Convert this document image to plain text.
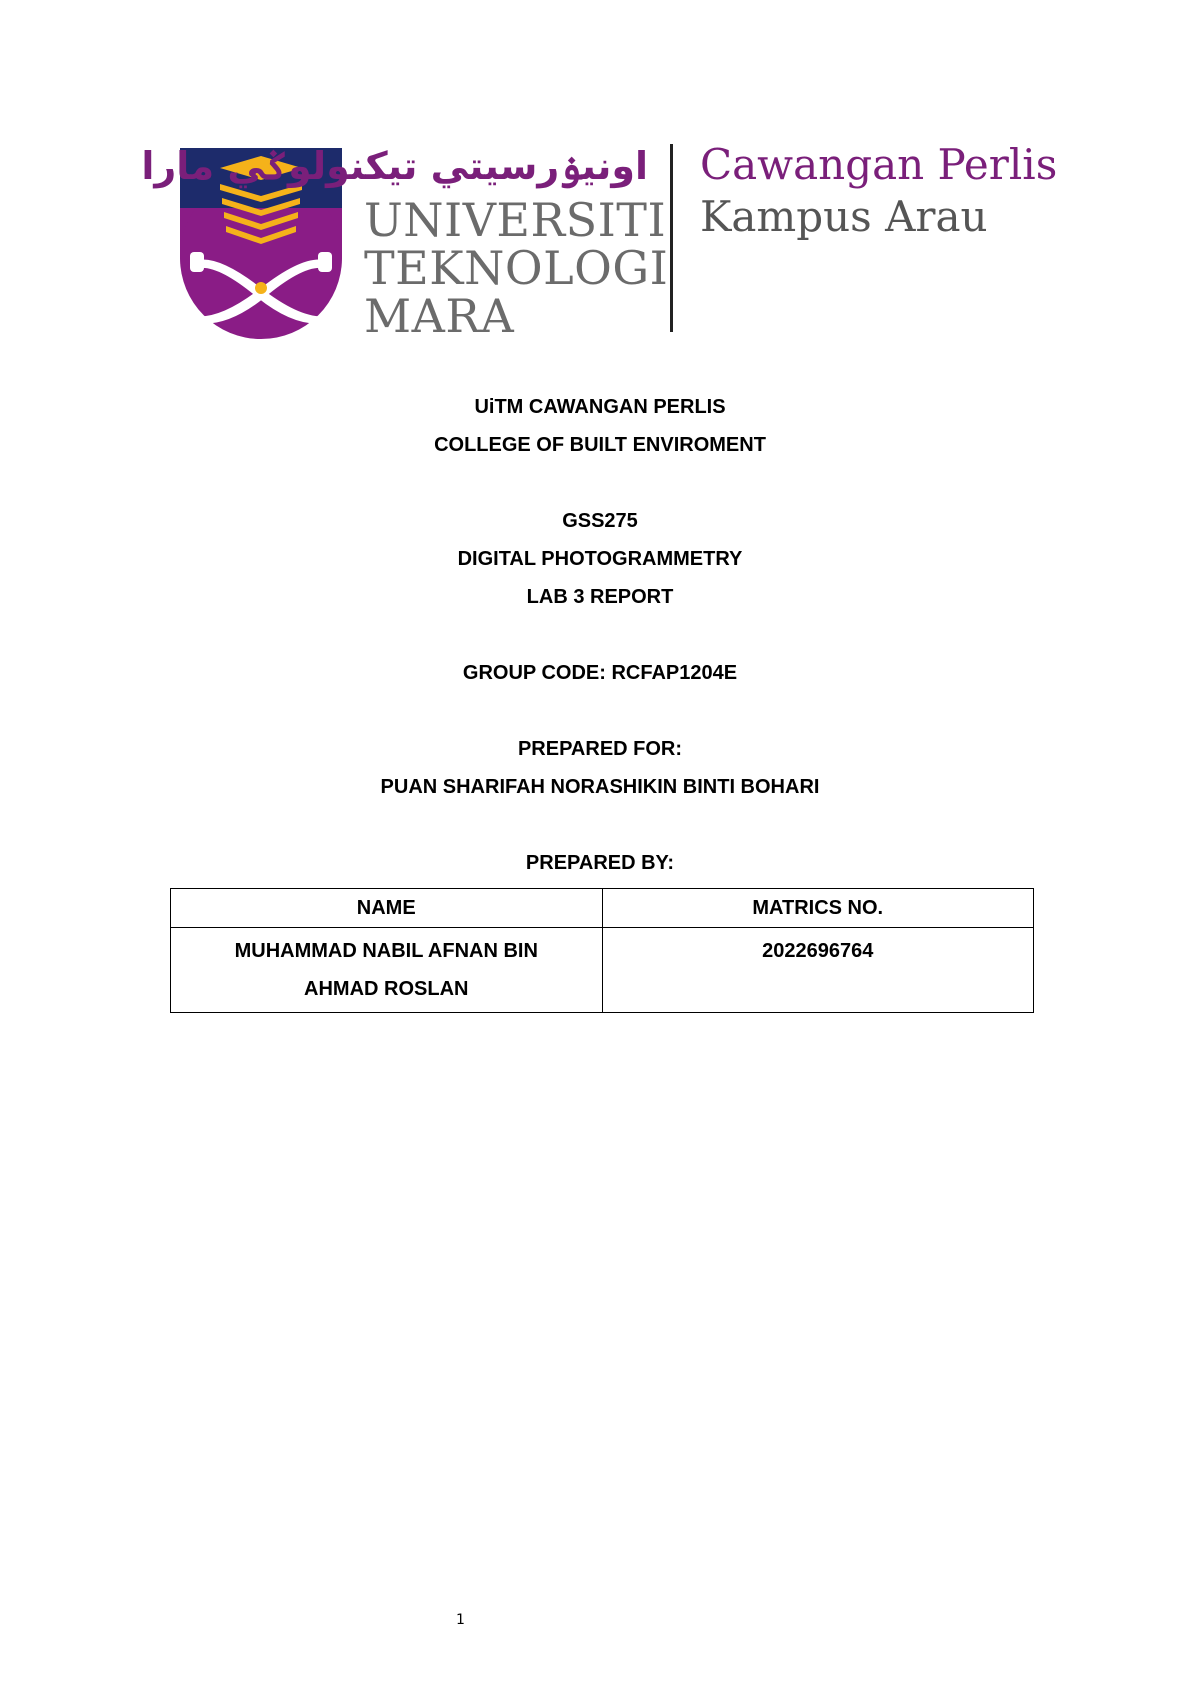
اونيۏرسيتي تيكنولوݢي مارا
UNIVERSITI
TEKNOLOGI
MARA
Cawangan Perlis
Kampus Arau
UiTM CAWANGAN PERLIS
COLLEGE OF BUILT ENVIROMENT
GSS275
DIGITAL PHOTOGRAMMETRY
LAB 3 REPORT
GROUP CODE: RCFAP1204E
PREPARED FOR:
PUAN SHARIFAH NORASHIKIN BINTI BOHARI
PREPARED BY:
NAME	MATRICS NO.

MUHAMMAD NABIL AFNAN BIN
AHMAD ROSLAN	2022696764
1
